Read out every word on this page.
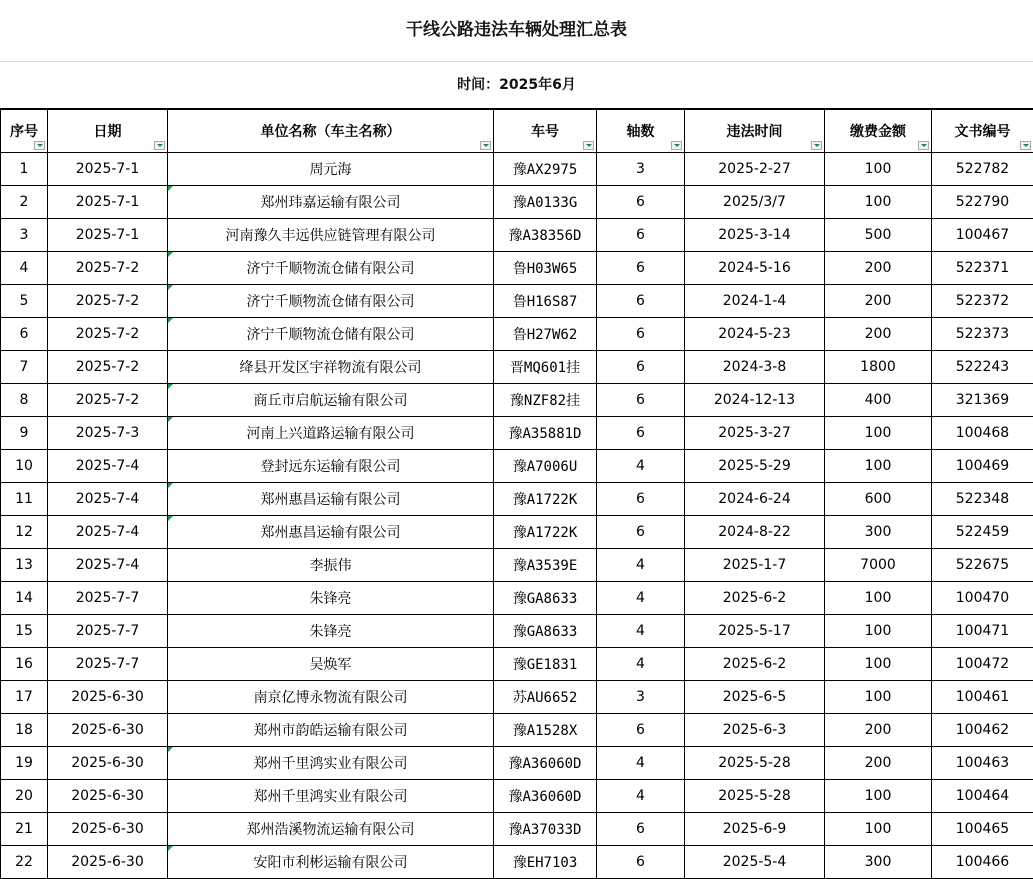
干线公路违法车辆处理汇总表
时间：2025年6月
序号	日期	单位名称（车主名称）	车号	轴数	违法时间	缴费金额	文书编号

1	2025-7-1	周元海	豫AX2975	3	2025-2-27	100	522782
2	2025-7-1	郑州玮嘉运输有限公司	豫A0133G	6	2025/3/7	100	522790
3	2025-7-1	河南豫久丰远供应链管理有限公司	豫A38356D	6	2025-3-14	500	100467
4	2025-7-2	济宁千顺物流仓储有限公司	鲁H03W65	6	2024-5-16	200	522371
5	2025-7-2	济宁千顺物流仓储有限公司	鲁H16S87	6	2024-1-4	200	522372
6	2025-7-2	济宁千顺物流仓储有限公司	鲁H27W62	6	2024-5-23	200	522373
7	2025-7-2	绛县开发区宇祥物流有限公司	晋MQ601挂	6	2024-3-8	1800	522243
8	2025-7-2	商丘市启航运输有限公司	豫NZF82挂	6	2024-12-13	400	321369
9	2025-7-3	河南上兴道路运输有限公司	豫A35881D	6	2025-3-27	100	100468
10	2025-7-4	登封远东运输有限公司	豫A7006U	4	2025-5-29	100	100469
11	2025-7-4	郑州惠昌运输有限公司	豫A1722K	6	2024-6-24	600	522348
12	2025-7-4	郑州惠昌运输有限公司	豫A1722K	6	2024-8-22	300	522459
13	2025-7-4	李振伟	豫A3539E	4	2025-1-7	7000	522675
14	2025-7-7	朱锋亮	豫GA8633	4	2025-6-2	100	100470
15	2025-7-7	朱锋亮	豫GA8633	4	2025-5-17	100	100471
16	2025-7-7	吴焕军	豫GE1831	4	2025-6-2	100	100472
17	2025-6-30	南京亿博永物流有限公司	苏AU6652	3	2025-6-5	100	100461
18	2025-6-30	郑州市韵皓运输有限公司	豫A1528X	6	2025-6-3	200	100462
19	2025-6-30	郑州千里鸿实业有限公司	豫A36060D	4	2025-5-28	200	100463
20	2025-6-30	郑州千里鸿实业有限公司	豫A36060D	4	2025-5-28	100	100464
21	2025-6-30	郑州浩溪物流运输有限公司	豫A37033D	6	2025-6-9	100	100465
22	2025-6-30	安阳市利彬运输有限公司	豫EH7103	6	2025-5-4	300	100466
